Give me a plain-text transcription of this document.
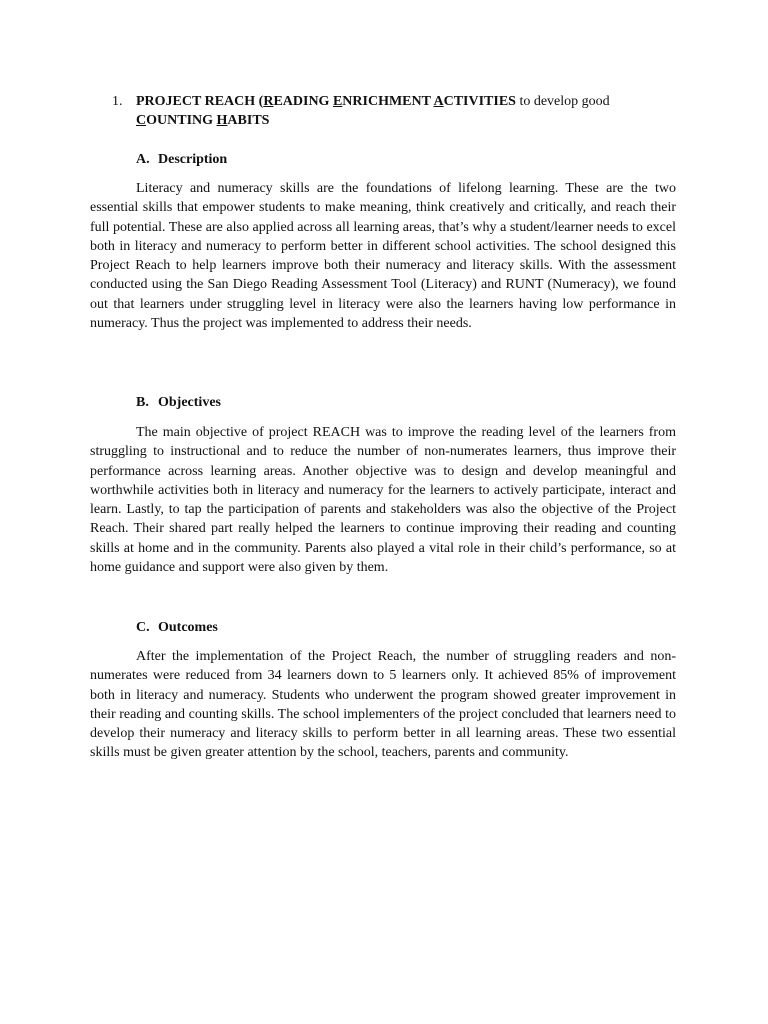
1. PROJECT REACH (READING ENRICHMENT ACTIVITIES to develop good
COUNTING HABITS
A. Description

Literacy and numeracy skills are the foundations of lifelong learning. These are the two essential skills that empower students to make meaning, think creatively and critically, and reach their full potential. These are also applied across all learning areas, that’s why a student/learner needs to excel both in literacy and numeracy to perform better in different school activities. The school designed this Project Reach to help learners improve both their numeracy and literacy skills. With the assessment conducted using the San Diego Reading Assessment Tool (Literacy) and RUNT (Numeracy), we found out that learners under struggling level in literacy were also the learners having low performance in numeracy. Thus the project was implemented to address their needs.

B. Objectives

The main objective of project REACH was to improve the reading level of the learners from struggling to instructional and to reduce the number of non-numerates learners, thus improve their performance across learning areas. Another objective was to design and develop meaningful and worthwhile activities both in literacy and numeracy for the learners to actively participate, interact and learn. Lastly, to tap the participation of parents and stakeholders was also the objective of the Project Reach. Their shared part really helped the learners to continue improving their reading and counting skills at home and in the community. Parents also played a vital role in their child’s performance, so at home guidance and support were also given by them.

C. Outcomes

After the implementation of the Project Reach, the number of struggling readers and non-numerates were reduced from 34 learners down to 5 learners only. It achieved 85% of improvement both in literacy and numeracy. Students who underwent the program showed greater improvement in their reading and counting skills. The school implementers of the project concluded that learners need to develop their numeracy and literacy skills to perform better in all learning areas. These two essential skills must be given greater attention by the school, teachers, parents and community.
